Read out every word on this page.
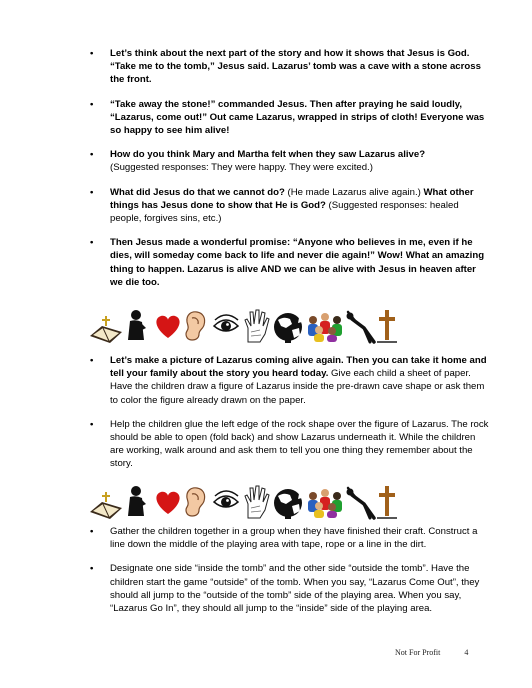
• Let’s think about the next part of the story and how it shows that Jesus is God. “Take me to the tomb,” Jesus said. Lazarus’ tomb was a cave with a stone across the front.
• “Take away the stone!” commanded Jesus. Then after praying he said loudly, “Lazarus, come out!” Out came Lazarus, wrapped in strips of cloth! Everyone was so happy to see him alive!
• How do you think Mary and Martha felt when they saw Lazarus alive?
(Suggested responses: They were happy. They were excited.)
• What did Jesus do that we cannot do? (He made Lazarus alive again.) What other things has Jesus done to show that He is God? (Suggested responses: healed people, forgives sins, etc.)
• Then Jesus made a wonderful promise: “Anyone who believes in me, even if he dies, will someday come back to life and never die again!” Wow! What an amazing thing to happen. Lazarus is alive AND we can be alive with Jesus in heaven after we die too.
• Let’s make a picture of Lazarus coming alive again. Then you can take it home and tell your family about the story you heard today. Give each child a sheet of paper. Have the children draw a figure of Lazarus inside the pre-drawn cave shape or ask them to color the figure already drawn on the paper.
• Help the children glue the left edge of the rock shape over the figure of Lazarus. The rock should be able to open (fold back) and show Lazarus underneath it. While the children are working, walk around and ask them to tell you one thing they remember about the story.
• Gather the children together in a group when they have finished their craft. Construct a line down the middle of the playing area with tape, rope or a line in the dirt.
• Designate one side “inside the tomb” and the other side “outside the tomb”. Have the children start the game “outside” of the tomb. When you say, “Lazarus Come Out”, they should all jump to the “outside of the tomb” side of the playing area. When you say, “Lazarus Go In”, they should all jump to the “inside” side of the playing area.
Not For Profit	4
